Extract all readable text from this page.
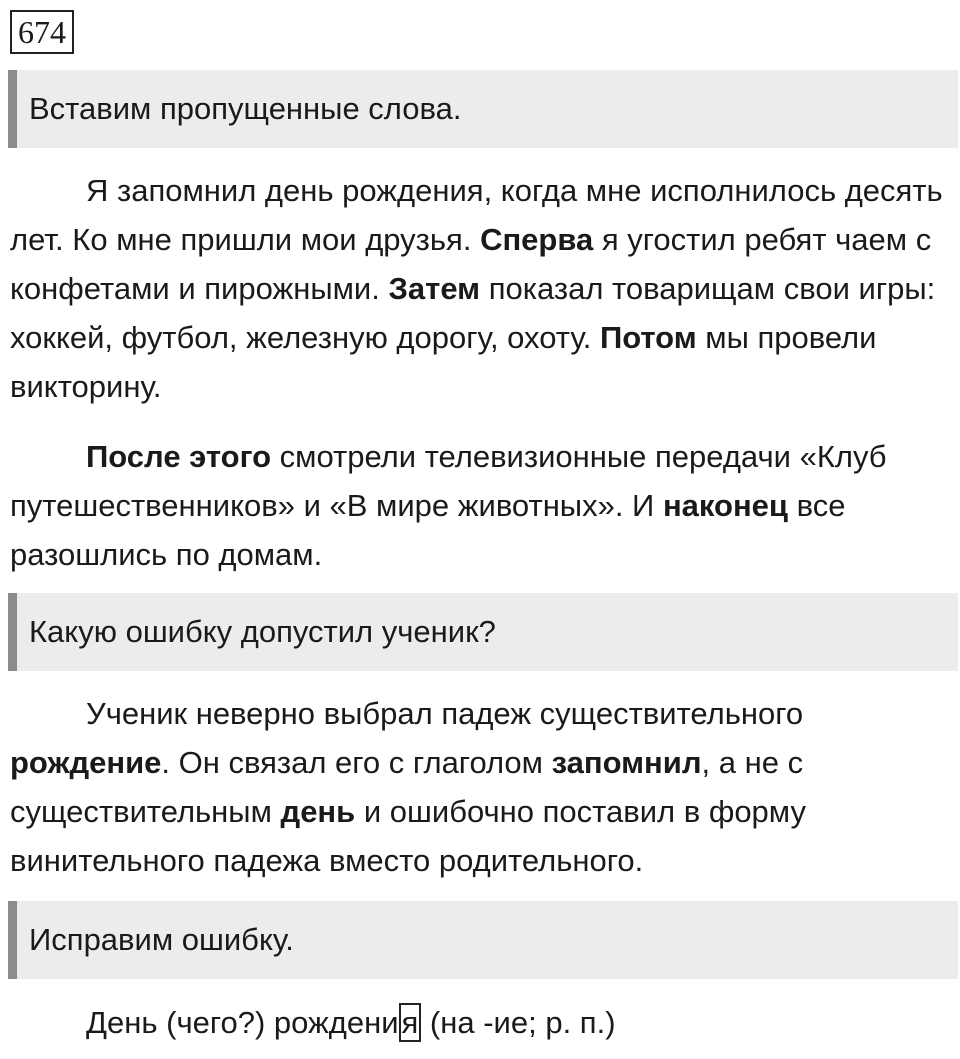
674
Вставим пропущенные слова.

Я запомнил день рождения, когда мне исполнилось десять лет. Ко мне пришли мои друзья. Сперва я угостил ребят чаем с конфетами и пирожными. Затем показал товарищам свои игры: хоккей, футбол, железную дорогу, охоту. Потом мы провели викторину.

После этого смотрели телевизионные передачи «Клуб путешественников» и «В мире животных». И наконец все разошлись по домам.

Какую ошибку допустил ученик?

Ученик неверно выбрал падеж существительного рождение. Он связал его с глаголом запомнил, а не с существительным день и ошибочно поставил в форму винительного падежа вместо родительного.

Исправим ошибку.

День (чего?) рождения (на -ие; р. п.)
